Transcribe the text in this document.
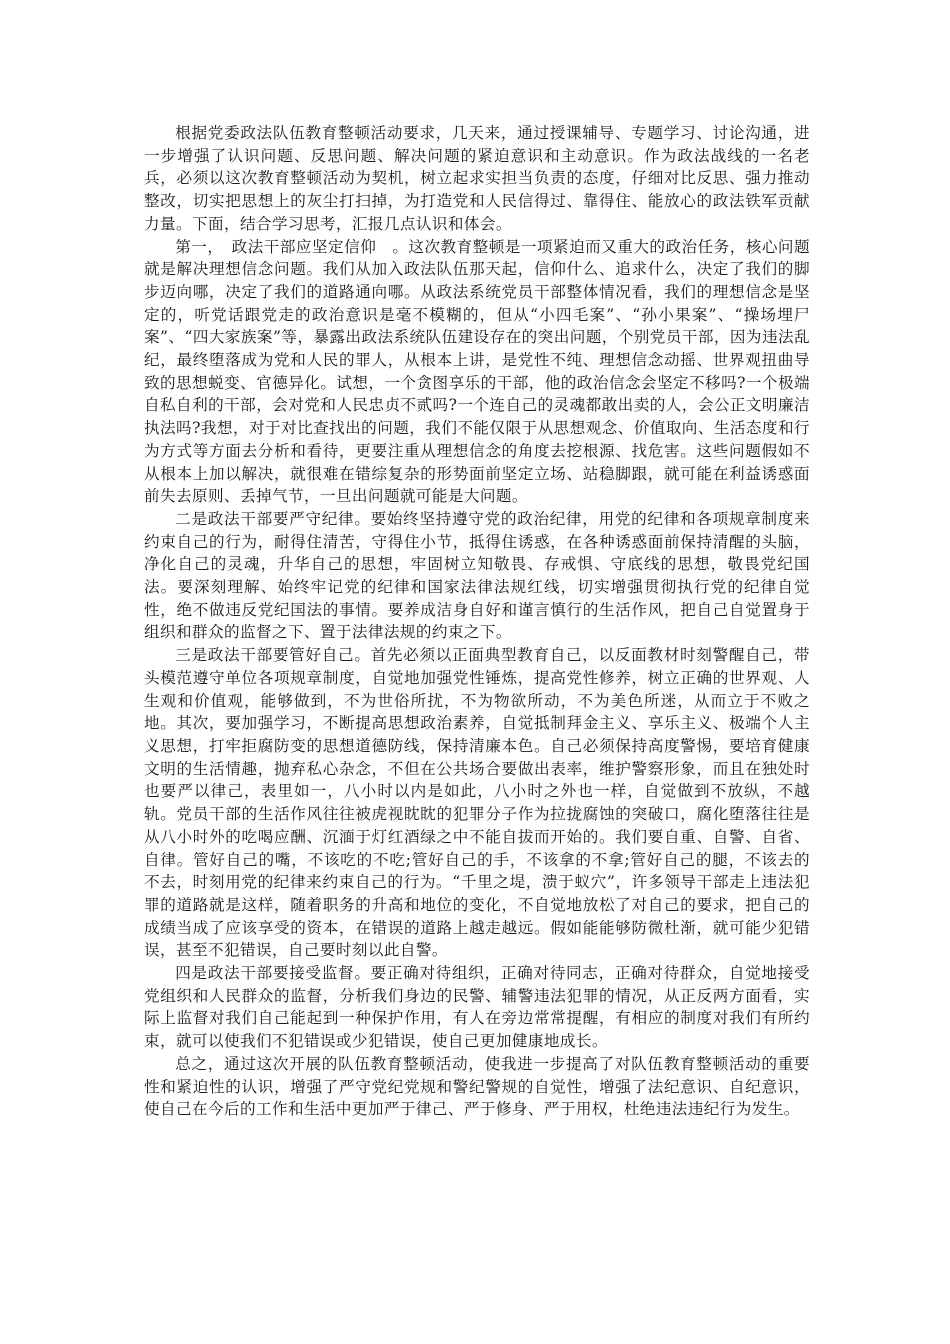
根据党委政法队伍教育整顿活动要求，几天来，通过授课辅导、专题学习、讨论沟通，进一步增强了认识问题、反思问题、解决问题的紧迫意识和主动意识。作为政法战线的一名老兵，必须以这次教育整顿活动为契机，树立起求实担当负责的态度，仔细对比反思、强力推动整改，切实把思想上的灰尘打扫掉，为打造党和人民信得过、靠得住、能放心的政法铁军贡献力量。下面，结合学习思考，汇报几点认识和体会。

第一，　政法干部应坚定信仰　。这次教育整顿是一项紧迫而又重大的政治任务，核心问题就是解决理想信念问题。我们从加入政法队伍那天起，信仰什么、追求什么，决定了我们的脚步迈向哪，决定了我们的道路通向哪。从政法系统党员干部整体情况看，我们的理想信念是坚定的，听党话跟党走的政治意识是毫不模糊的，但从“小四毛案”、“孙小果案”、“操场埋尸案”、“四大家族案”等，暴露出政法系统队伍建设存在的突出问题，个别党员干部，因为违法乱纪，最终堕落成为党和人民的罪人，从根本上讲，是党性不纯、理想信念动摇、世界观扭曲导致的思想蜕变、官德异化。试想，一个贪图享乐的干部，他的政治信念会坚定不移吗?一个极端自私自利的干部，会对党和人民忠贞不贰吗?一个连自己的灵魂都敢出卖的人，会公正文明廉洁执法吗?我想，对于对比查找出的问题，我们不能仅限于从思想观念、价值取向、生活态度和行为方式等方面去分析和看待，更要注重从理想信念的角度去挖根源、找危害。这些问题假如不从根本上加以解决，就很难在错综复杂的形势面前坚定立场、站稳脚跟，就可能在利益诱惑面前失去原则、丢掉气节，一旦出问题就可能是大问题。

二是政法干部要严守纪律。要始终坚持遵守党的政治纪律，用党的纪律和各项规章制度来约束自己的行为，耐得住清苦，守得住小节，抵得住诱惑，在各种诱惑面前保持清醒的头脑，净化自己的灵魂，升华自己的思想，牢固树立知敬畏、存戒惧、守底线的思想，敬畏党纪国法。要深刻理解、始终牢记党的纪律和国家法律法规红线，切实增强贯彻执行党的纪律自觉性，绝不做违反党纪国法的事情。要养成洁身自好和谨言慎行的生活作风，把自己自觉置身于组织和群众的监督之下、置于法律法规的约束之下。

三是政法干部要管好自己。首先必须以正面典型教育自己，以反面教材时刻警醒自己，带头模范遵守单位各项规章制度，自觉地加强党性锤炼，提高党性修养，树立正确的世界观、人生观和价值观，能够做到，不为世俗所扰，不为物欲所动，不为美色所迷，从而立于不败之地。其次，要加强学习，不断提高思想政治素养，自觉抵制拜金主义、享乐主义、极端个人主义思想，打牢拒腐防变的思想道德防线，保持清廉本色。自己必须保持高度警惕，要培育健康文明的生活情趣，抛弃私心杂念，不但在公共场合要做出表率，维护警察形象，而且在独处时也要严以律己，表里如一，八小时以内是如此，八小时之外也一样，自觉做到不放纵，不越轨。党员干部的生活作风往往被虎视眈眈的犯罪分子作为拉拢腐蚀的突破口，腐化堕落往往是从八小时外的吃喝应酬、沉湎于灯红酒绿之中不能自拔而开始的。我们要自重、自警、自省、自律。管好自己的嘴，不该吃的不吃;管好自己的手，不该拿的不拿;管好自己的腿，不该去的不去，时刻用党的纪律来约束自己的行为。“千里之堤，溃于蚁穴”，许多领导干部走上违法犯罪的道路就是这样，随着职务的升高和地位的变化，不自觉地放松了对自己的要求，把自己的成绩当成了应该享受的资本，在错误的道路上越走越远。假如能能够防微杜渐，就可能少犯错误，甚至不犯错误，自己要时刻以此自警。

四是政法干部要接受监督。要正确对待组织，正确对待同志，正确对待群众，自觉地接受党组织和人民群众的监督，分析我们身边的民警、辅警违法犯罪的情况，从正反两方面看，实际上监督对我们自己能起到一种保护作用，有人在旁边常常提醒，有相应的制度对我们有所约束，就可以使我们不犯错误或少犯错误，使自己更加健康地成长。

总之，通过这次开展的队伍教育整顿活动，使我进一步提高了对队伍教育整顿活动的重要性和紧迫性的认识，增强了严守党纪党规和警纪警规的自觉性，增强了法纪意识、自纪意识，使自己在今后的工作和生活中更加严于律己、严于修身、严于用权，杜绝违法违纪行为发生。
